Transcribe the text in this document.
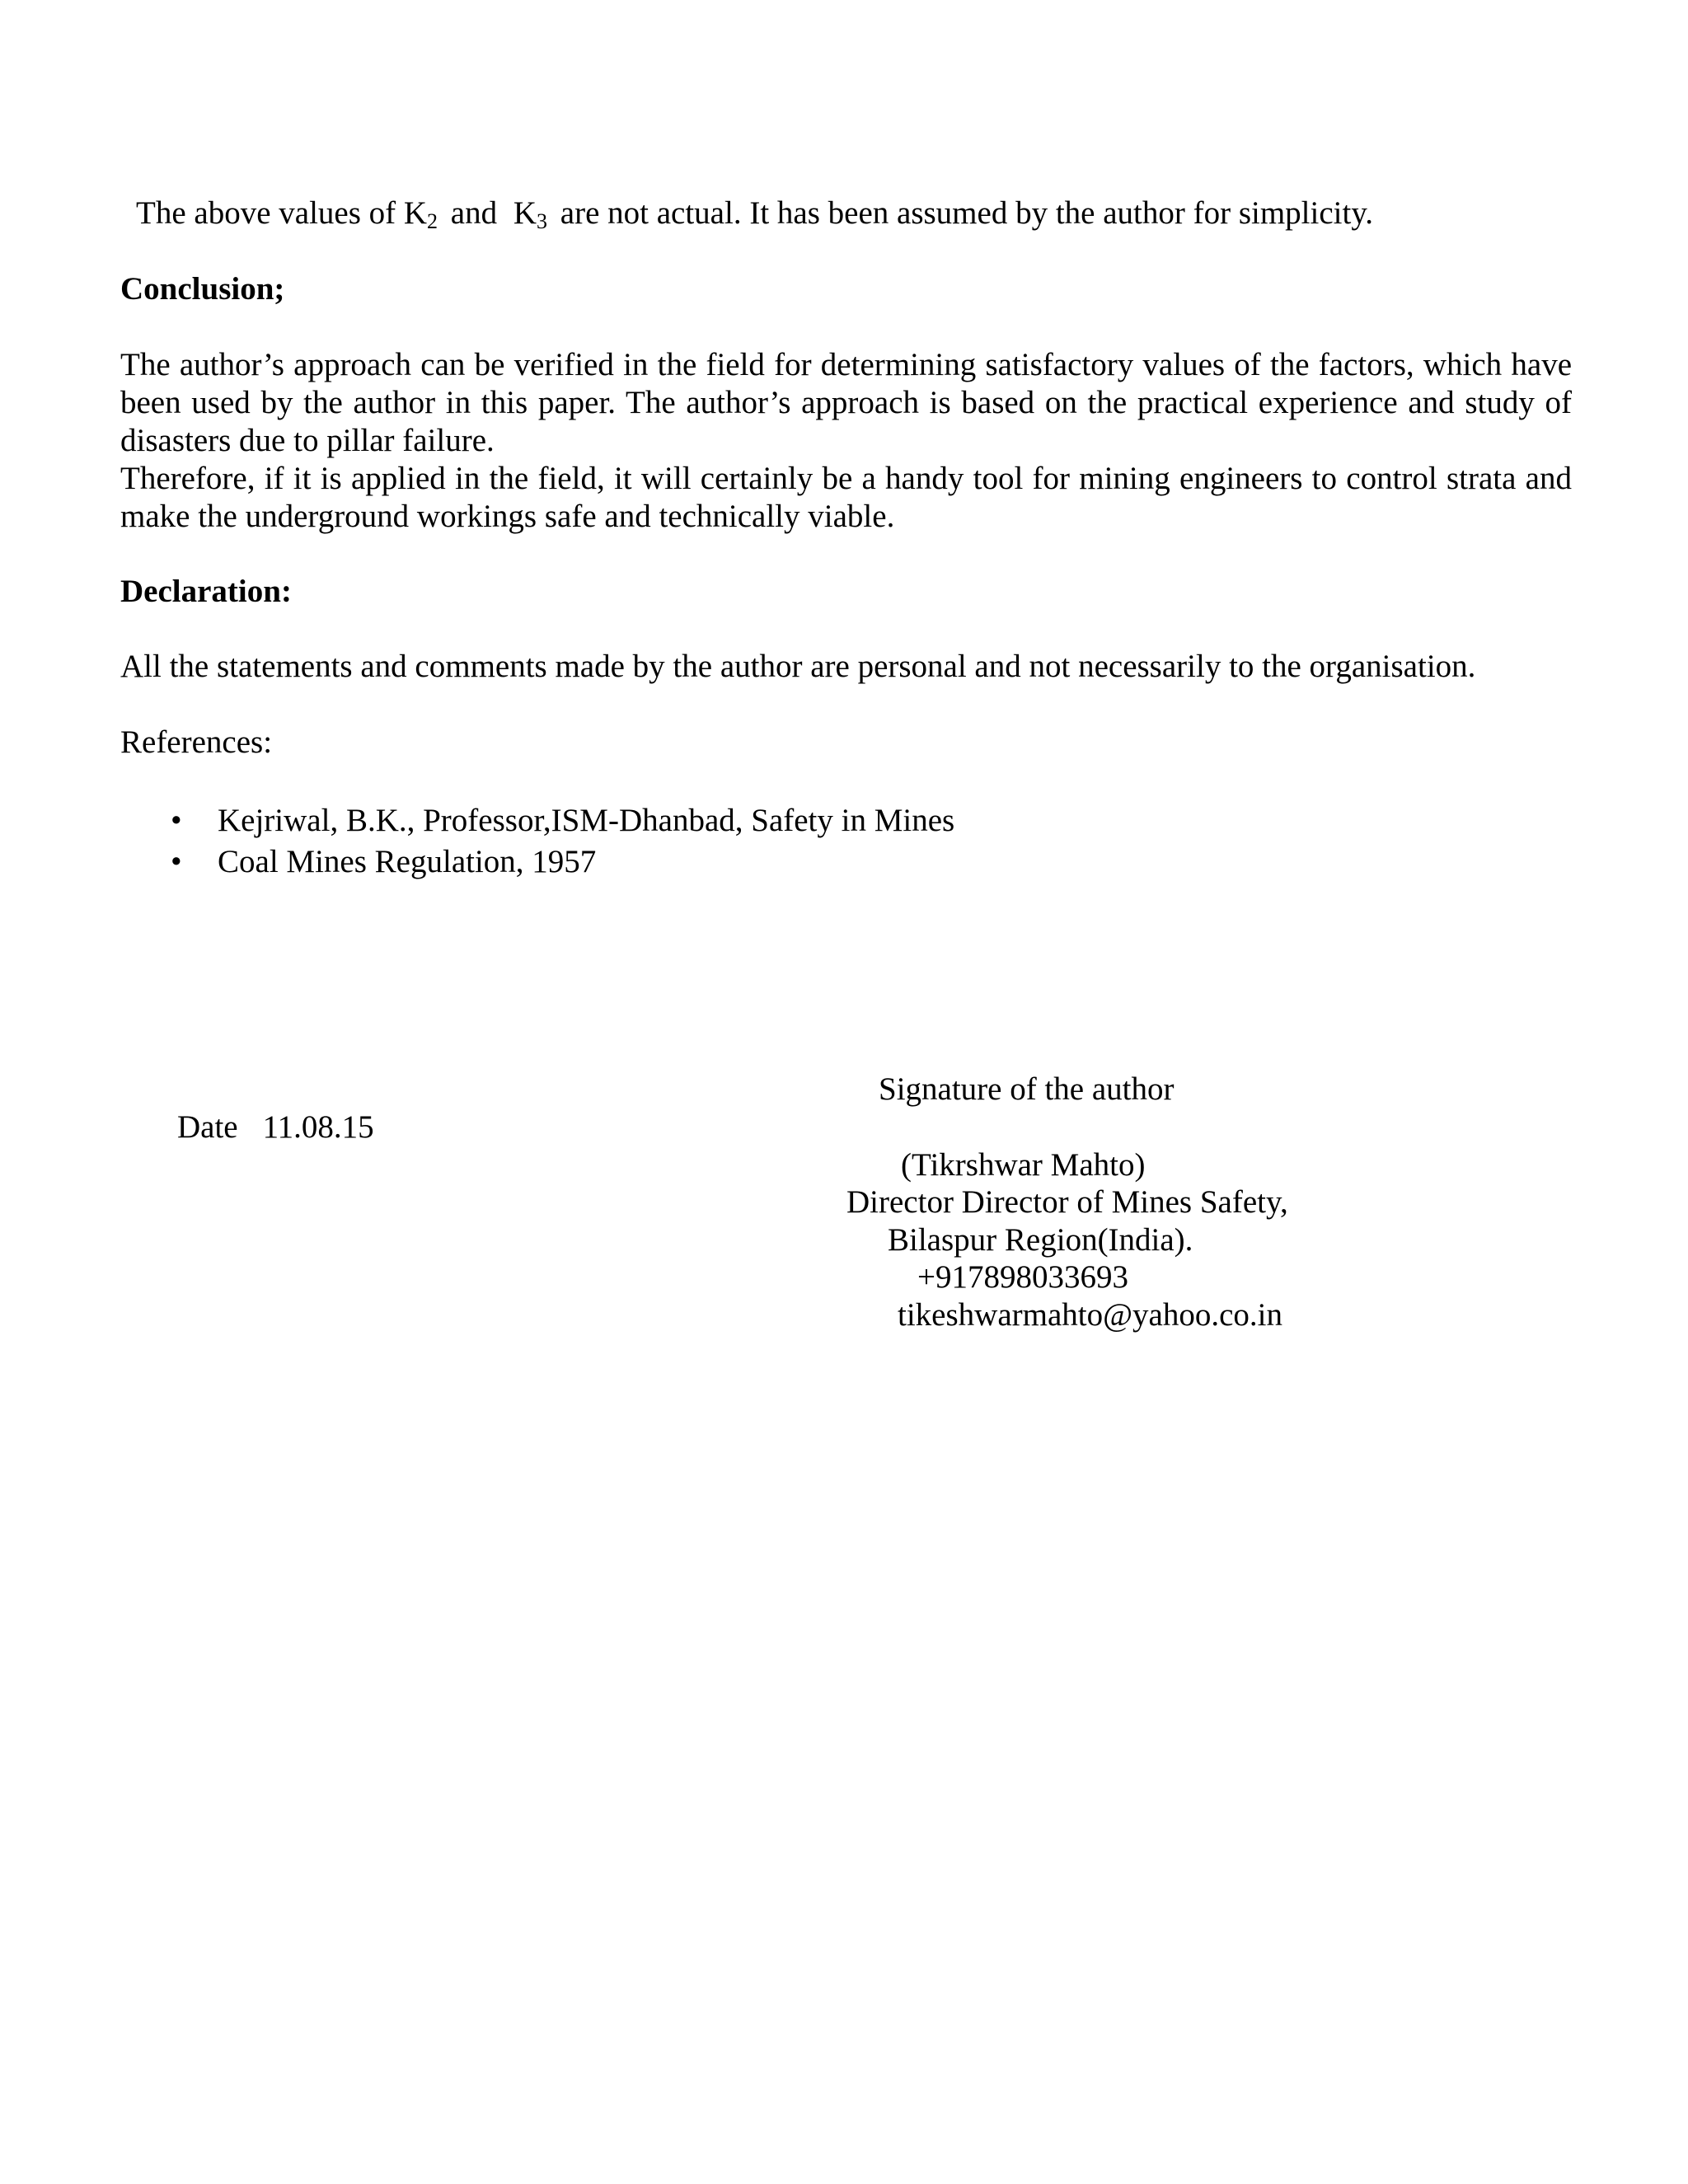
The above values of $K_2$ and $K_3$ are not actual. It has been assumed by the author for simplicity.
Conclusion;

The author’s approach can be verified in the field for determining satisfactory values of the factors, which have been used by the author in this paper. The author’s approach is based on the practical experience and study of disasters due to pillar failure.

Therefore, if it is applied in the field, it will certainly be a handy tool for mining engineers to control strata and make the underground workings safe and technically viable.

Declaration:
All the statements and comments made by the author are personal and not necessarily to the organisation.
References:
• Kejriwal, B.K., Professor,ISM-Dhanbad, Safety in Mines
• Coal Mines Regulation, 1957
Signature of the author
Date 11.08.15
(Tikrshwar Mahto)
Director Director of Mines Safety,
Bilaspur Region(India).
+917898033693
tikeshwarmahto@yahoo.co.in
